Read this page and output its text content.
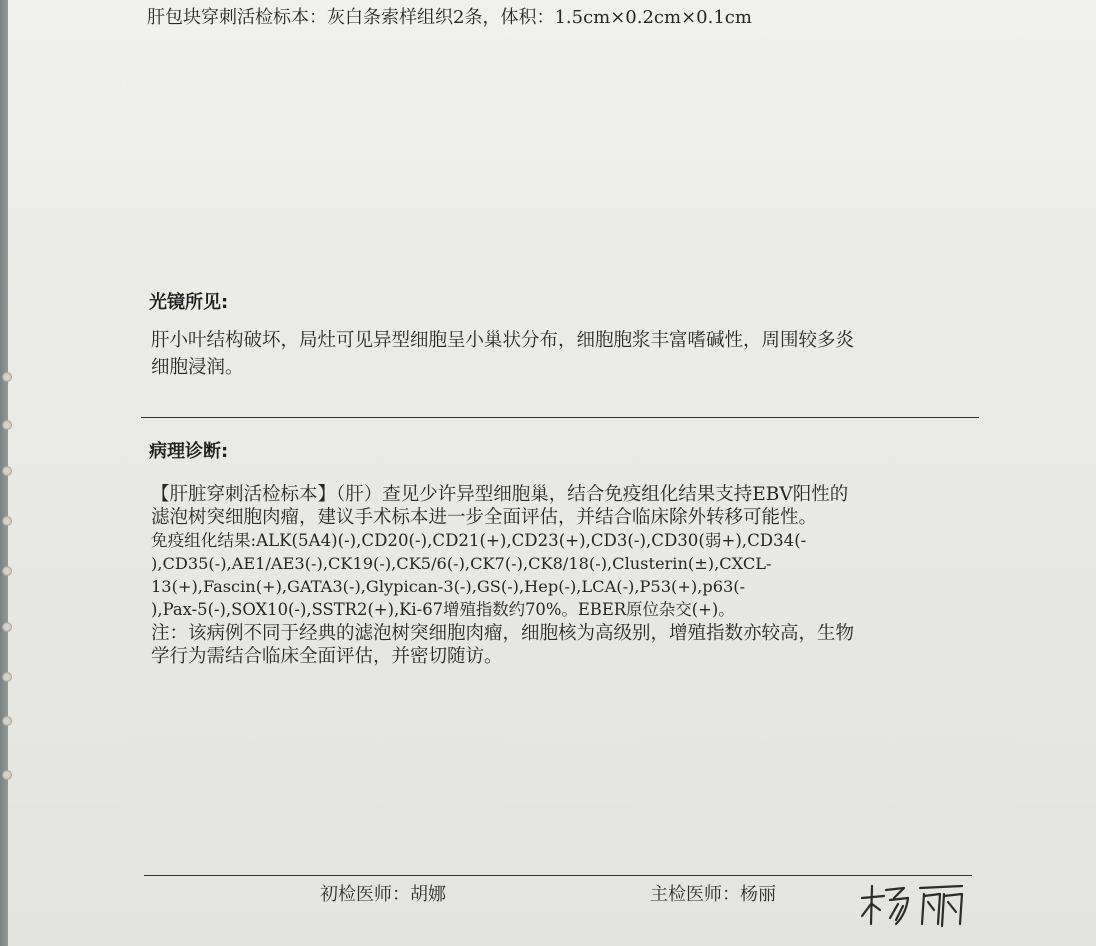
肝包块穿刺活检标本：灰白条索样组织2条，体积：1.5cm×0.2cm×0.1cm
光镜所见:
肝小叶结构破坏，局灶可见异型细胞呈小巢状分布，细胞胞浆丰富嗜碱性，周围较多炎
细胞浸润。
病理诊断:
【肝脏穿刺活检标本】（肝）查见少许异型细胞巢，结合免疫组化结果支持EBV阳性的
滤泡树突细胞肉瘤，建议手术标本进一步全面评估，并结合临床除外转移可能性。
免疫组化结果:ALK(5A4)(-),CD20(-),CD21(+),CD23(+),CD3(-),CD30(弱+),CD34(-
),CD35(-),AE1/AE3(-),CK19(-),CK5/6(-),CK7(-),CK8/18(-),Clusterin(±),CXCL-
13(+),Fascin(+),GATA3(-),Glypican-3(-),GS(-),Hep(-),LCA(-),P53(+),p63(-
),Pax-5(-),SOX10(-),SSTR2(+),Ki-67增殖指数约70%。EBER原位杂交(+)。
注：该病例不同于经典的滤泡树突细胞肉瘤，细胞核为高级别，增殖指数亦较高，生物
学行为需结合临床全面评估，并密切随访。
初检医师：胡娜	主检医师：杨丽
